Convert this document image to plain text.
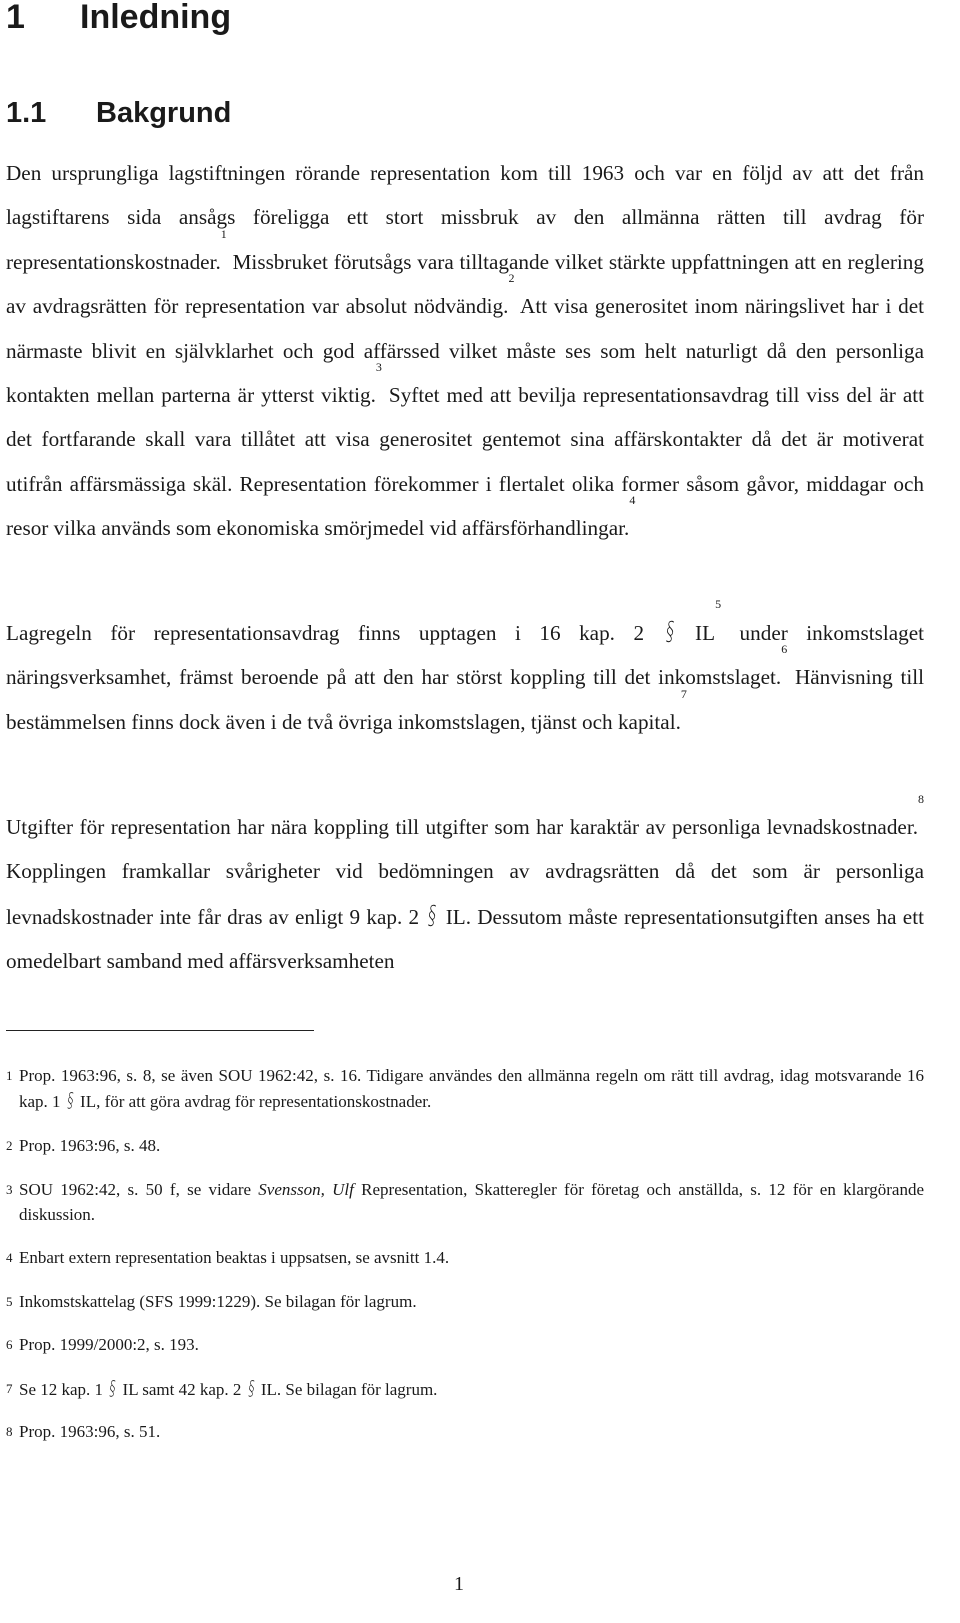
1 Inledning
1.1 Bakgrund

Den ursprungliga lagstiftningen rörande representation kom till 1963 och var en följd av att det från lagstiftarens sida ansågs föreligga ett stort missbruk av den allmänna rätten till avdrag för representationskostnader.$^1$ Missbruket förutsågs vara tilltagande vilket stärkte uppfattningen att en reglering av avdragsrätten för representation var absolut nödvändig.$^2$ Att visa generositet inom näringslivet har i det närmaste blivit en självklarhet och god affärssed vilket måste ses som helt naturligt då den personliga kontakten mellan parterna är ytterst viktig.$^3$ Syftet med att bevilja representationsavdrag till viss del är att det fortfarande skall vara tillåtet att visa generositet gentemot sina affärskontakter då det är motiverat utifrån affärsmässiga skäl. Representation förekommer i flertalet olika former såsom gåvor, middagar och resor vilka används som ekonomiska smörjmedel vid affärsförhandlingar.$^4$

Lagregeln för representationsavdrag finns upptagen i 16 kap. 2 § $IL^5$ under inkomstslaget näringsverksamhet, främst beroende på att den har störst koppling till det inkomstslaget.$^6$ Hänvisning till bestämmelsen finns dock även i de två övriga inkomstslagen, tjänst och kapital.$^7$

Utgifter för representation har nära koppling till utgifter som har karaktär av personliga levnadskostnader.$^8$ Kopplingen framkallar svårigheter vid bedömningen av avdragsrätten då det som är personliga levnadskostnader inte får dras av enligt 9 kap. 2 § IL. Dessutom måste representationsutgiften anses ha ett omedelbart samband med affärsverksamheten

1 Prop. 1963:96, s. 8, se även SOU 1962:42, s. 16. Tidigare användes den allmänna regeln om rätt till avdrag, idag motsvarande 16 kap. 1 § IL, för att göra avdrag för representationskostnader.
2 Prop. 1963:96, s. 48.
3 SOU 1962:42, s. 50 f, se vidare Svensson, Ulf Representation, Skatteregler för företag och anställda, s. 12 för en klargörande diskussion.
4 Enbart extern representation beaktas i uppsatsen, se avsnitt 1.4.
5 Inkomstskattelag (SFS 1999:1229). Se bilagan för lagrum.
6 Prop. 1999/2000:2, s. 193.
7 Se 12 kap. 1 § IL samt 42 kap. 2 § IL. Se bilagan för lagrum.
8 Prop. 1963:96, s. 51.
1
